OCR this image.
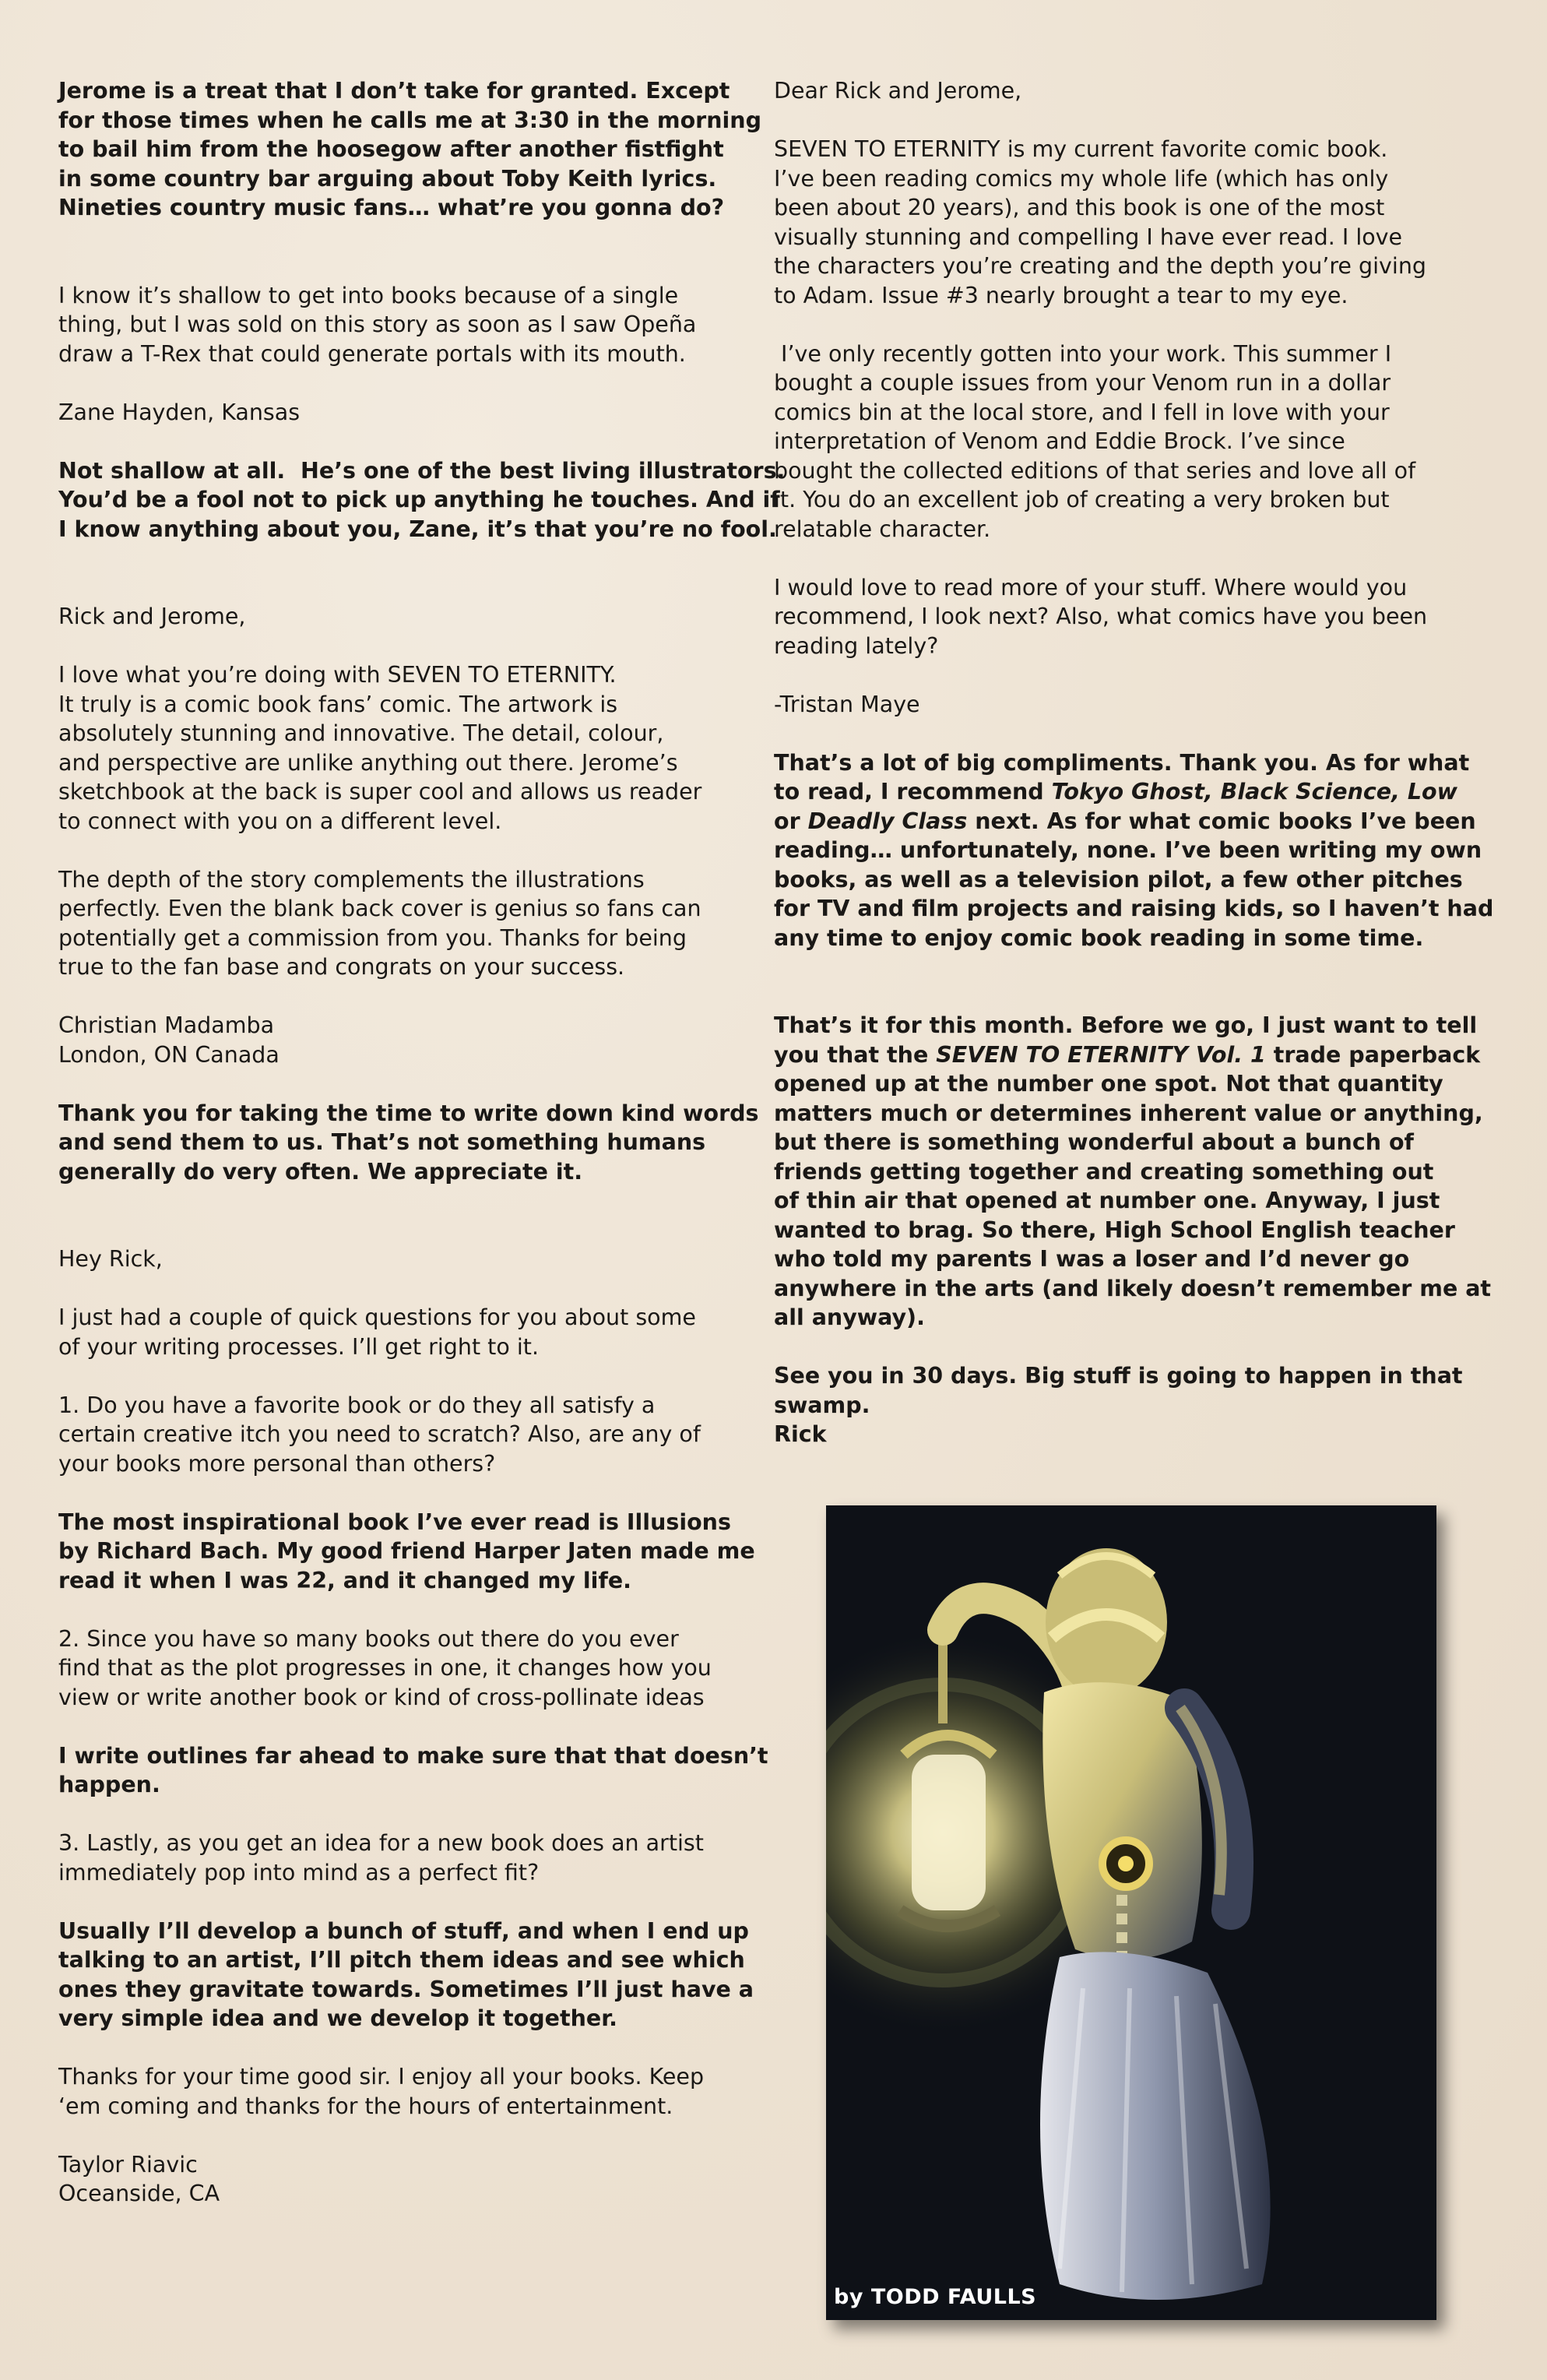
Jerome is a treat that I don’t take for granted. Except
for those times when he calls me at 3:30 in the morning
to bail him from the hoosegow after another fistfight
in some country bar arguing about Toby Keith lyrics.
Nineties country music fans… what’re you gonna do?
I know it’s shallow to get into books because of a single
thing, but I was sold on this story as soon as I saw Opeña
draw a T-Rex that could generate portals with its mouth.
Zane Hayden, Kansas
Not shallow at all.  He’s one of the best living illustrators.
You’d be a fool not to pick up anything he touches. And if
I know anything about you, Zane, it’s that you’re no fool.
Rick and Jerome,
I love what you’re doing with SEVEN TO ETERNITY.
It truly is a comic book fans’ comic. The artwork is
absolutely stunning and innovative. The detail, colour,
and perspective are unlike anything out there. Jerome’s
sketchbook at the back is super cool and allows us reader
to connect with you on a different level.
The depth of the story complements the illustrations
perfectly. Even the blank back cover is genius so fans can
potentially get a commission from you. Thanks for being
true to the fan base and congrats on your success.
Christian Madamba
London, ON Canada
Thank you for taking the time to write down kind words
and send them to us. That’s not something humans
generally do very often. We appreciate it.
Hey Rick,
I just had a couple of quick questions for you about some
of your writing processes. I’ll get right to it.
1. Do you have a favorite book or do they all satisfy a
certain creative itch you need to scratch? Also, are any of
your books more personal than others?
The most inspirational book I’ve ever read is Illusions
by Richard Bach. My good friend Harper Jaten made me
read it when I was 22, and it changed my life.
2. Since you have so many books out there do you ever
find that as the plot progresses in one, it changes how you
view or write another book or kind of cross-pollinate ideas
I write outlines far ahead to make sure that that doesn’t
happen.
3. Lastly, as you get an idea for a new book does an artist
immediately pop into mind as a perfect fit?
Usually I’ll develop a bunch of stuff, and when I end up
talking to an artist, I’ll pitch them ideas and see which
ones they gravitate towards. Sometimes I’ll just have a
very simple idea and we develop it together.
Thanks for your time good sir. I enjoy all your books. Keep
‘em coming and thanks for the hours of entertainment.
Taylor Riavic
Oceanside, CA
Dear Rick and Jerome,
SEVEN TO ETERNITY is my current favorite comic book.
I’ve been reading comics my whole life (which has only
been about 20 years), and this book is one of the most
visually stunning and compelling I have ever read. I love
the characters you’re creating and the depth you’re giving
to Adam. Issue #3 nearly brought a tear to my eye.
I’ve only recently gotten into your work. This summer I
bought a couple issues from your Venom run in a dollar
comics bin at the local store, and I fell in love with your
interpretation of Venom and Eddie Brock. I’ve since
bought the collected editions of that series and love all of
it. You do an excellent job of creating a very broken but
relatable character.
I would love to read more of your stuff. Where would you
recommend, I look next? Also, what comics have you been
reading lately?
-Tristan Maye
That’s a lot of big compliments. Thank you. As for what
to read, I recommend Tokyo Ghost, Black Science, Low
or Deadly Class next. As for what comic books I’ve been
reading… unfortunately, none. I’ve been writing my own
books, as well as a television pilot, a few other pitches
for TV and film projects and raising kids, so I haven’t had
any time to enjoy comic book reading in some time.
That’s it for this month. Before we go, I just want to tell
you that the SEVEN TO ETERNITY Vol. 1 trade paperback
opened up at the number one spot. Not that quantity
matters much or determines inherent value or anything,
but there is something wonderful about a bunch of
friends getting together and creating something out
of thin air that opened at number one. Anyway, I just
wanted to brag. So there, High School English teacher
who told my parents I was a loser and I’d never go
anywhere in the arts (and likely doesn’t remember me at
all anyway).
See you in 30 days. Big stuff is going to happen in that
swamp.
Rick
by TODD FAULLS
